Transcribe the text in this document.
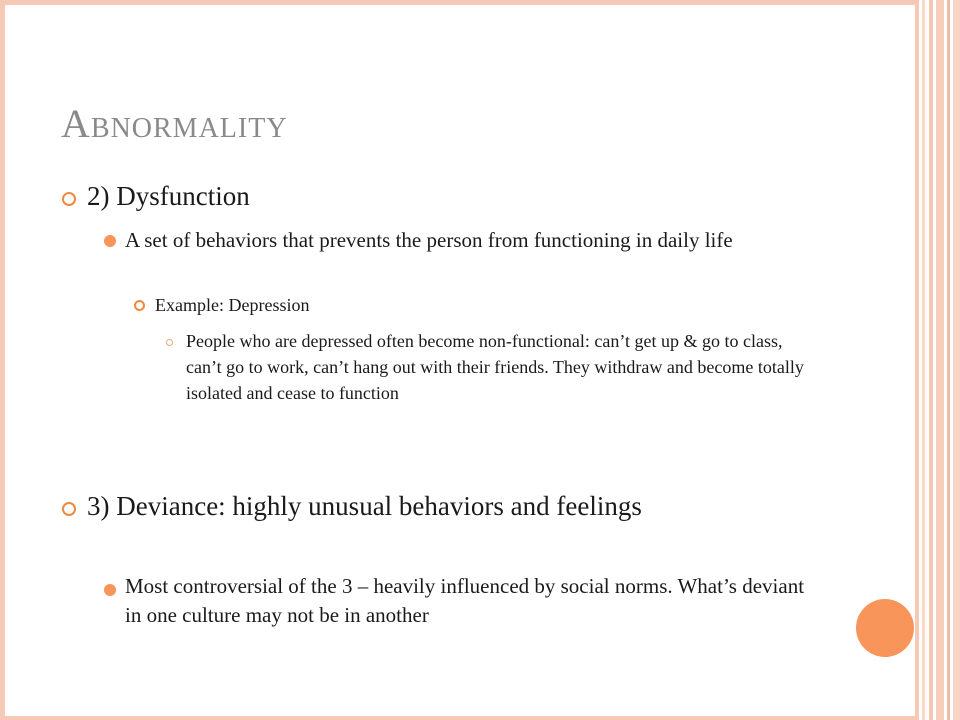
Abnormality
2) Dysfunction
A set of behaviors that prevents the person from functioning in daily life
Example: Depression
People who are depressed often become non-functional: can’t get up & go to class, can’t go to work, can’t hang out with their friends. They withdraw and become totally isolated and cease to function
3) Deviance: highly unusual behaviors and feelings
Most controversial of the 3 – heavily influenced by social norms. What’s deviant in one culture may not be in another
